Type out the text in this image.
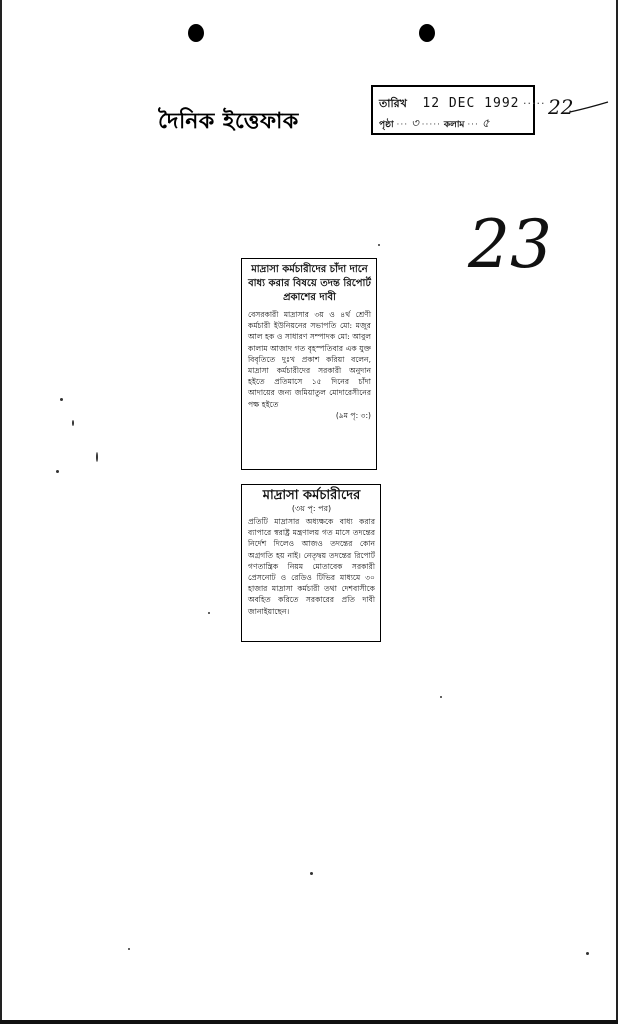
দৈনিক ইত্তেফাক
তারিখ 12 DEC 1992 ·····
পৃষ্ঠা ··· ৩ ····· কলাম ··· ৫
22
23

মাদ্রাসা কর্মচারীদের চাঁদা দানে বাধ্য করার বিষয়ে তদন্ত রিপোর্ট প্রকাশের দাবী

বেসরকারী মাদ্রাসার ৩য় ও ৪র্থ শ্রেণী কর্মচারী ইউনিয়নের সভাপতি মো: মজুর আল হক ও সাধারণ সম্পাদক মো: আবুল কালাম আজাদ গত বৃহস্পতিবার এক যুক্ত বিবৃতিতে দুঃখ প্রকাশ করিয়া বলেন, মাদ্রাসা কর্মচারীদের সরকারী অনুদান হইতে প্রতিমাসে ১৫ দিনের চাঁদা আদায়ের জন্য জমিয়াতুল মোদারেসীনের পক্ষ হইতে

(৯ম পৃ: ৩:)

মাদ্রাসা কর্মচারীদের

(৩য় পৃ: পর)

প্রতিটি মাদ্রাসার অধ্যক্ষকে বাধ্য করার ব্যাপারে স্বরাষ্ট্র মন্ত্রণালয় গত মাসে তদন্তের নির্দেশ দিলেও আজও তদন্তের কোন অগ্রগতি হয় নাই। নেতৃদ্বয় তদন্তের রিপোর্ট গণতান্ত্রিক নিয়ম মোতাবেক সরকারী প্রেসনোট ও রেডিও টিভির মাধ্যমে ৩০ হাজার মাদ্রাসা কর্মচারী তথা দেশবাসীকে অবহিত করিতে সরকারের প্রতি দাবী জানাইয়াছেন।
